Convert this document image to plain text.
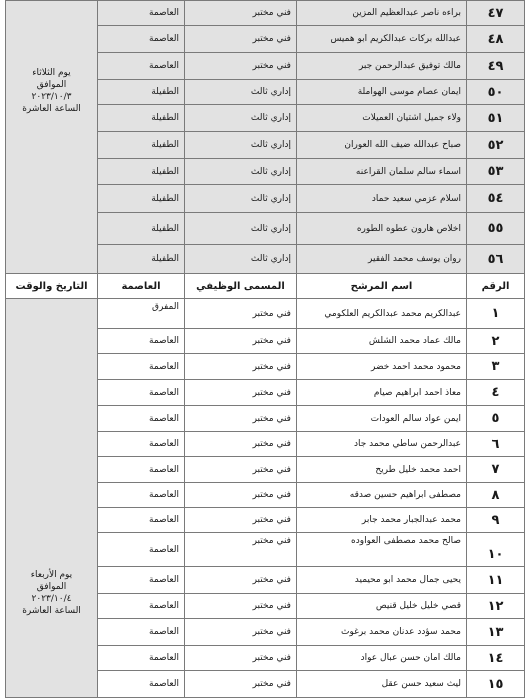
٤٧	براءه ناصر عبدالعظيم المزين	فني مختبر	العاصمة	يوم الثلاثاء
الموافق
٢٠٢٣/١٠/٣
الساعة العاشرة

٤٨	عبدالله بركات عبدالكريم ابو هميس	فني مختبر	العاصمة	
٤٩	مالك توفيق عبدالرحمن جبر	فني مختبر	العاصمة	
٥٠	ايمان عصام موسى الهواملة	إداري ثالث	الطفيلة	
٥١	ولاء جميل اشتيان العميلات	إداري ثالث	الطفيلة	
٥٢	صباح عبدالله ضيف الله العوران	إداري ثالث	الطفيلة	
٥٣	اسماء سالم سلمان القراعنه	إداري ثالث	الطفيلة	
٥٤	اسلام عزمي سعيد حماد	إداري ثالث	الطفيلة	
٥٥	اخلاص هارون عطوه الطوره	إداري ثالث	الطفيلة	
٥٦	روان يوسف محمد الفقير	إداري ثالث	الطفيلة	
الرقم	اسم المرشح	المسمى الوظيفي	العاصمة	التاريخ والوقت
١	عبدالكريم محمد عبدالكريم العلكومي	فني مختبر	المفرق	يوم الأربعاء
الموافق
٢٠٢٣/١٠/٤
الساعة العاشرة

٢	مالك عماد محمد الشلش	فني مختبر	العاصمة	
٣	محمود محمد احمد خضر	فني مختبر	العاصمة	
٤	معاذ احمد ابراهيم صيام	فني مختبر	العاصمة	
٥	ايمن عواد سالم العودات	فني مختبر	العاصمة	
٦	عبدالرحمن ساطي محمد جاد	فني مختبر	العاصمة	
٧	احمد محمد خليل طريح	فني مختبر	العاصمة	
٨	مصطفى ابراهيم حسين صدقه	فني مختبر	العاصمة	
٩	محمد عبدالجبار محمد جابر	فني مختبر	العاصمة	
١٠	صالح محمد مصطفى العواوده	فني مختبر	العاصمة	
١١	يحيى جمال محمد ابو محيميد	فني مختبر	العاصمة	
١٢	قصي خليل خليل قنيص	فني مختبر	العاصمة	
١٣	محمد سؤدد عدنان محمد برغوث	فني مختبر	العاصمة	
١٤	مالك امان حسن عبال عواد	فني مختبر	العاصمة	
١٥	ليث سعيد حسن عقل	فني مختبر	العاصمة	
